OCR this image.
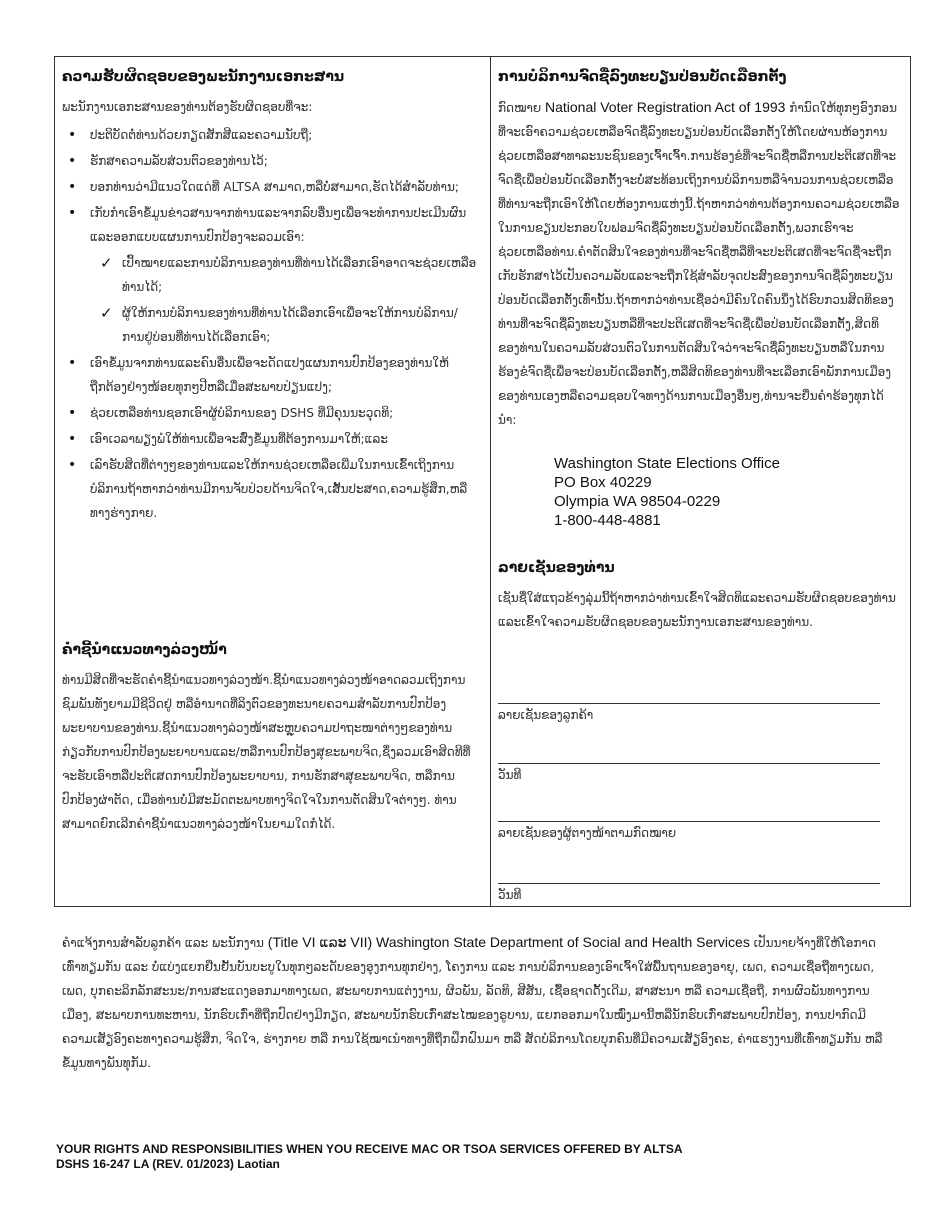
ຄວາມຮັບຜິດຊອບຂອງພະນັກງານເອກະສານ

ພະນັກງານເອກະສານຂອງທ່ານຕ້ອງຮັບຜິດຊອບທີ່ຈະ:

• ປະຕິບັດຕໍ່ທ່ານດ້ວຍກຽດສັກສີແລະຄວາມນັບຖື;
• ຮັກສາຄວາມລັບສ່ວນຕົວຂອງທ່ານໄວ້;
• ບອກທ່ານວ່າມີແນວໃດແດ່ທີ່ ALTSA ສາມາດ,ຫລືບໍ່ສາມາດ,ຮັດໄດ້ສຳລັບທ່ານ;
• ເກັບກຳເອົາຂໍ້ມູນຂ່າວສານຈາກທ່ານແລະຈາກລົບອື່ນໆເພື່ອຈະທຳການປະເມີນຜົນແລະອອກແບບແຜນການປົກປ້ອງຈະລວມເອົາ:
✓ ເປົ້າໝາຍແລະການບໍລິການຂອງທ່ານທີ່ທ່ານໄດ້ເລືອກເອົາອາດຈະຊ່ວຍເຫລືອທ່ານໄດ້;
✓ ຜູ້ໃຫ້ການບໍລິການຂອງທ່ານທີ່ທ່ານໄດ້ເລືອກເອົາເພື່ອຈະໃຫ້ການບໍລິການ/ການຢູ່ບ່ອນທີ່ທ່ານໄດ້ເລືອກເອົາ;
• ເອົາຂໍ້ມູນຈາກທ່ານແລະຄົນອື່ນເພື່ອຈະດັດແປງແຜນການປົກປ້ອງຂອງທ່ານໃຫ້ຖືກຕ້ອງຢ່າງໜ້ອຍທຸກໆປີຫລືເມື່ອສະພາບປ່ຽນແປງ;
• ຊ່ວຍເຫລືອທ່ານຊອກເອົາຜູ້ບໍລິການຂອງ DSHS ທີ່ມີຄຸນນະວຸດທິ;
• ເອົາເວລາພຽງພໍໃຫ້ທ່ານເພື່ອຈະສົ່ງຂໍ້ມູນທີ່ຕ້ອງການມາໃຫ້;ແລະ
• ເລົາຮັບສິດທີ່ຕ່າງໆຂອງທ່ານແລະໃຫ້ການຊ່ວຍເຫລືອເພີ່ມໃນການເຂົ້າເຖິງການບໍລິການຖ້າຫາກວ່າທ່ານມີການຈັບປ່ວຍດ້ານຈິດໃຈ,ເສັ້ນປະສາດ,ຄວາມຮູ້ສຶກ,ຫລືທາງຮ່າງກາຍ.
ຄຳຊີ້ນຳແນວທາງລ່ວງໜ້າ

ທ່ານມີສິດທີ່ຈະຮັດຄຳຊີ້ນຳແນວທາງລ່ວງໜ້າ.ຊີ້ນຳແນວທາງລ່ວງໜ້າອາດລວມເຖິງການຊົມພັນທັງຍາມມີຊີວິດຢູ່ ຫລືອຳນາດທີ່ລິງຕົວຂອງທະນາຍຄວາມສຳລັບການປົກປ້ອງພະຍາບານຂອງທ່ານ.ຊີ້ນຳແນວທາງລ່ວງໜ້າສະຫຼຸບຄວາມປາຖະໜາຕ່າງໆຂອງທ່ານກ່ຽວກັບການປົກປ້ອງພະຍາບານແລະ/ຫລືການປົກປ້ອງສຸຂະພາບຈິດ,ຊຶ່ງລວມເອົາສິດທີທີ່ຈະຮັບເອົາຫລືປະຕິເສດການປົກປ້ອງພະຍາບານ, ການຮັກສາສຸຂະພາບຈິດ, ຫລືການປົກປ້ອງຜ່າຕັດ, ເມື່ອທ່ານບໍ່ມີສະມັດຕະພາບທາງຈິດໃຈໃນການຕັດສິນໃຈຕ່າງໆ. ທ່ານສາມາດຍົກເລີກຄຳຊີ້ນຳແນວທາງລ່ວງໜ້າໃນຍາມໃດກໍ່ໄດ້.

ການບໍລິການຈົດຊື່ລົງທະບຽນປ່ອນບັດເລືອກຕັ້ງ

ກົດໝາຍ National Voter Registration Act of 1993 ກຳນົດໃຫ້ທຸກໆອົງກອນທີ່ຈະເອົາຄວາມຊ່ວຍເຫລືອຈົດຊື່ລົງທະບຽນປ່ອນບັດເລືອກຕັ້ງໃຫ້ໂດຍຜ່ານຫ້ອງການຊ່ວຍເຫລືອສາທາລະນະຊົນຂອງເຈົ້າເຈົ້າ.ການຮ້ອງຂໍທີ່ຈະຈົດຊື່ຫລືການປະຕິເສດທີ່ຈະຈົດຊື່ເພື່ອປ່ອນບັດເລືອກຕັ້ງຈະບໍ່ສະທ້ອນເຖິງການບໍລິການຫລືຈຳນວນການຊ່ວຍເຫລືອທີ່ທ່ານຈະຖືກເອົາໃຫ້ໂດຍຫ້ອງການແຫ່ງນີ້.ຖ້າຫາກວ່າທ່ານຕ້ອງການຄວາມຊ່ວຍເຫລືອໃນການຂຽນປະກອບໃບຟອມຈົດຊື່ລົງທະບຽນປ່ອນບັດເລືອກຕັ້ງ,ພວກເຮົາຈະຊ່ວຍເຫລືອທ່ານ.ຄຳຕັດສິນໃຈຂອງທ່ານທີ່ຈະຈົດຊື່ຫລືທີ່ຈະປະຕິເສດທີ່ຈະຈົດຊື່ຈະຖືກເກັບຮັກສາໄວ້ເປັນຄວາມລັບແລະຈະຖືກໃຊ້ສຳລັບຈຸດປະສົງຂອງການຈົດຊື່ລົງທະບຽນປ່ອນບັດເລືອກຕັ້ງເທົ່ານັ້ນ.ຖ້າຫາກວ່າທ່ານເຊື່ອວ່າມີຄົນໃດຄົນນຶ່ງໄດ້ຮົບກວນສິດທິຂອງທ່ານທີ່ຈະຈົດຊື່ລົງທະບຽນຫລືທີ່ຈະປະຕິເສດທີ່ຈະຈົດຊື່ເພື່ອປ່ອນບັດເລືອກຕັ້ງ,ສິດທິຂອງທ່ານໃນຄວາມລັບສ່ວນຕົວໃນການຕັດສິນໃຈວ່າຈະຈົດຊື່ລົງທະບຽນຫລືໃນການຮ້ອງຂໍຈົດຊື່ເພື່ອຈະປ່ອນບັດເລືອກຕັ້ງ,ຫລືສິດທິຂອງທ່ານທີ່ຈະເລືອກເອົາພັກການເມືອງຂອງທ່ານເອງຫລືຄວາມຊອບໃຈທາງດ້ານການເມືອງອື່ນໆ,ທ່ານຈະຍື່ນຄຳຮ້ອງທຸກໄດ້ນຳ:

Washington State Elections Office
PO Box 40229
Olympia WA 98504-0229
1-800-448-4881
ລາຍເຊັນຂອງທ່ານ

ເຊັນຊື່ໃສ່ແຖວຂ້າງລຸ່ມນີ້ຖ້າຫາກວ່າທ່ານເຂົ້າໃຈສິດທິແລະຄວາມຮັບຜິດຊອບຂອງທ່ານແລະເຂົ້າໃຈຄວາມຮັບຜິດຊອບຂອງພະນັກງານເອກະສານຂອງທ່ານ.

ລາຍເຊັນຂອງລູກຄ້າ
ວັນທີ
ລາຍເຊັນຂອງຜູ້ຕາງໜ້າຕາມກົດໝາຍ
ວັນທີ

ຄຳແຈ້ງການສຳລັບລູກຄ້າ ແລະ ພະນັກງານ (Title VI ແລະ VII) Washington State Department of Social and Health Services ເປັນນາຍຈ້າງທີ່ໃຫ້ໂອກາດເທົ່າທຽມກັນ ແລະ ບໍ່ແບ່ງແຍກຢືນຢັ້ນບັນບະບູໃນທຸກໆລະດັບຂອງອຸງການທຸກຢ່າງ, ໂຄງການ ແລະ ການບໍລິການຂອງເອົາເຈົ້າໃສ່ພື້ນຖານຂອງອາຍຸ, ເພດ, ຄວາມເຊື່ອຖືທາງເພດ, ເພດ, ບຸກຄະລິກລັກສະນະ/ການສະແດງອອກມາທາງເພດ, ສະພາບການແຕ່ງງານ, ຜິວພັນ, ລັດທິ, ສີສັນ, ເຊື້ອຊາດດັ້ງເດີມ, ສາສະນາ ຫລື ຄວາມເຊື່ອຖື, ການຜົວພັນທາງການເມືອງ, ສະພາບການທະຫານ, ນັກຮົບເກົ່າທີ່ຖືກປົດຢ່າງມີກຽດ, ສະພາບນັກຮົບເກົ່າສະໄໝຂອງຣູບານ, ແຍກອອກມາໃນໝົ່ງມານີ້ຫລືນັກຮົບເກົ່າສະພາບປົກປ້ອງ, ການປາກົດມີຄວາມເສັຽອົງຄະທາງຄວາມຮູ້ສຶກ, ຈິດໃຈ, ຮ່າງກາຍ ຫລື ການໃຊ້ໝາເນຳທາງທີ່ຖືກຝຶກຝົນມາ ຫລື ສັດບໍລິການໂດຍບຸກຄົນທີ່ມີຄວາມເສັຽອົງຄະ, ຄ່າແຮງງານທີ່ເທົ່າທຽມກັນ ຫລື ຂໍ້ມູນທາງພັນທຸກັມ.

YOUR RIGHTS AND RESPONSIBILITIES WHEN YOU RECEIVE MAC OR TSOA SERVICES OFFERED BY ALTSA
DSHS 16-247 LA (REV. 01/2023) Laotian
